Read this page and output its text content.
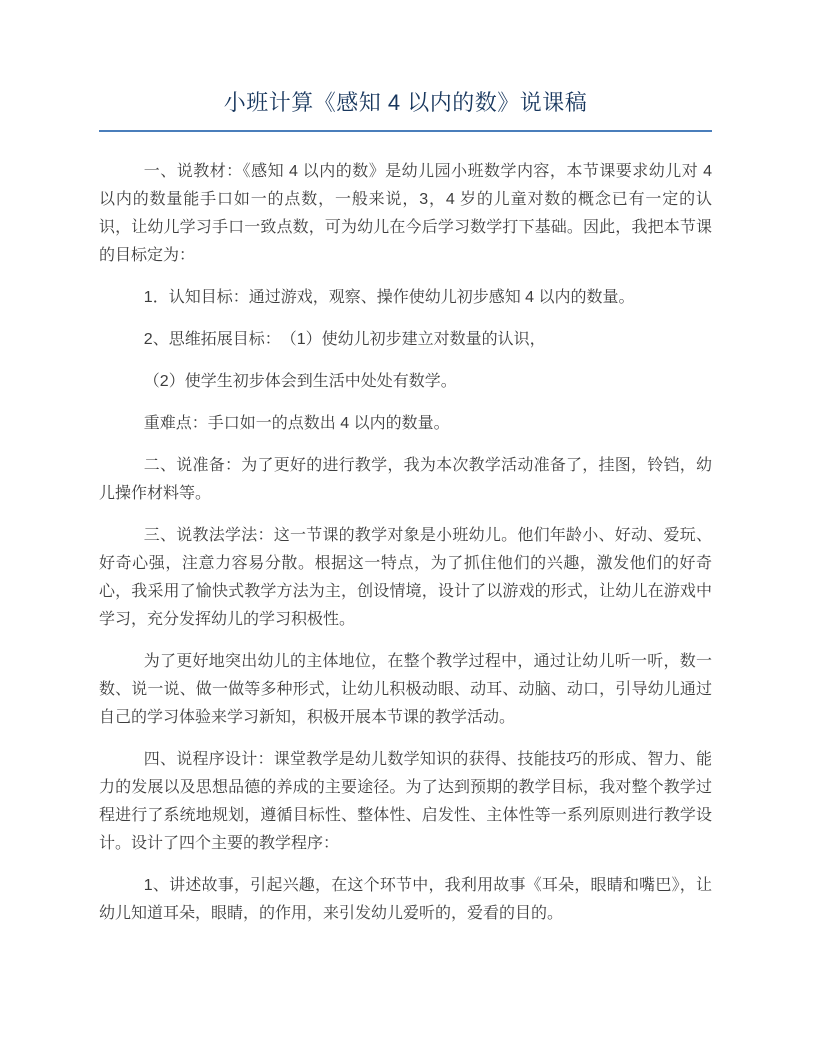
小班计算《感知 4 以内的数》说课稿

一、说教材：《感知 4 以内的数》是幼儿园小班数学内容，本节课要求幼儿对 4 以内的数量能手口如一的点数，一般来说，3，4 岁的儿童对数的概念已有一定的认识，让幼儿学习手口一致点数，可为幼儿在今后学习数学打下基础。因此，我把本节课的目标定为：

1．认知目标：通过游戏，观察、操作使幼儿初步感知 4 以内的数量。

2、思维拓展目标：　（1）使幼儿初步建立对数量的认识，

（2）使学生初步体会到生活中处处有数学。

重难点：手口如一的点数出 4 以内的数量。

二、说准备：为了更好的进行教学，我为本次教学活动准备了，挂图，铃铛，幼儿操作材料等。

三、说教法学法：这一节课的教学对象是小班幼儿。他们年龄小、好动、爱玩、好奇心强，注意力容易分散。根据这一特点，为了抓住他们的兴趣，激发他们的好奇心，我采用了愉快式教学方法为主，创设情境，设计了以游戏的形式，让幼儿在游戏中学习，充分发挥幼儿的学习积极性。

为了更好地突出幼儿的主体地位，在整个教学过程中，通过让幼儿听一听，数一数、说一说、做一做等多种形式，让幼儿积极动眼、动耳、动脑、动口，引导幼儿通过自己的学习体验来学习新知，积极开展本节课的教学活动。

四、说程序设计：课堂教学是幼儿数学知识的获得、技能技巧的形成、智力、能力的发展以及思想品德的养成的主要途径。为了达到预期的教学目标，我对整个教学过程进行了系统地规划，遵循目标性、整体性、启发性、主体性等一系列原则进行教学设计。设计了四个主要的教学程序：

1、讲述故事，引起兴趣，在这个环节中，我利用故事《耳朵，眼睛和嘴巴》，让幼儿知道耳朵，眼睛，的作用，来引发幼儿爱听的，爱看的目的。
